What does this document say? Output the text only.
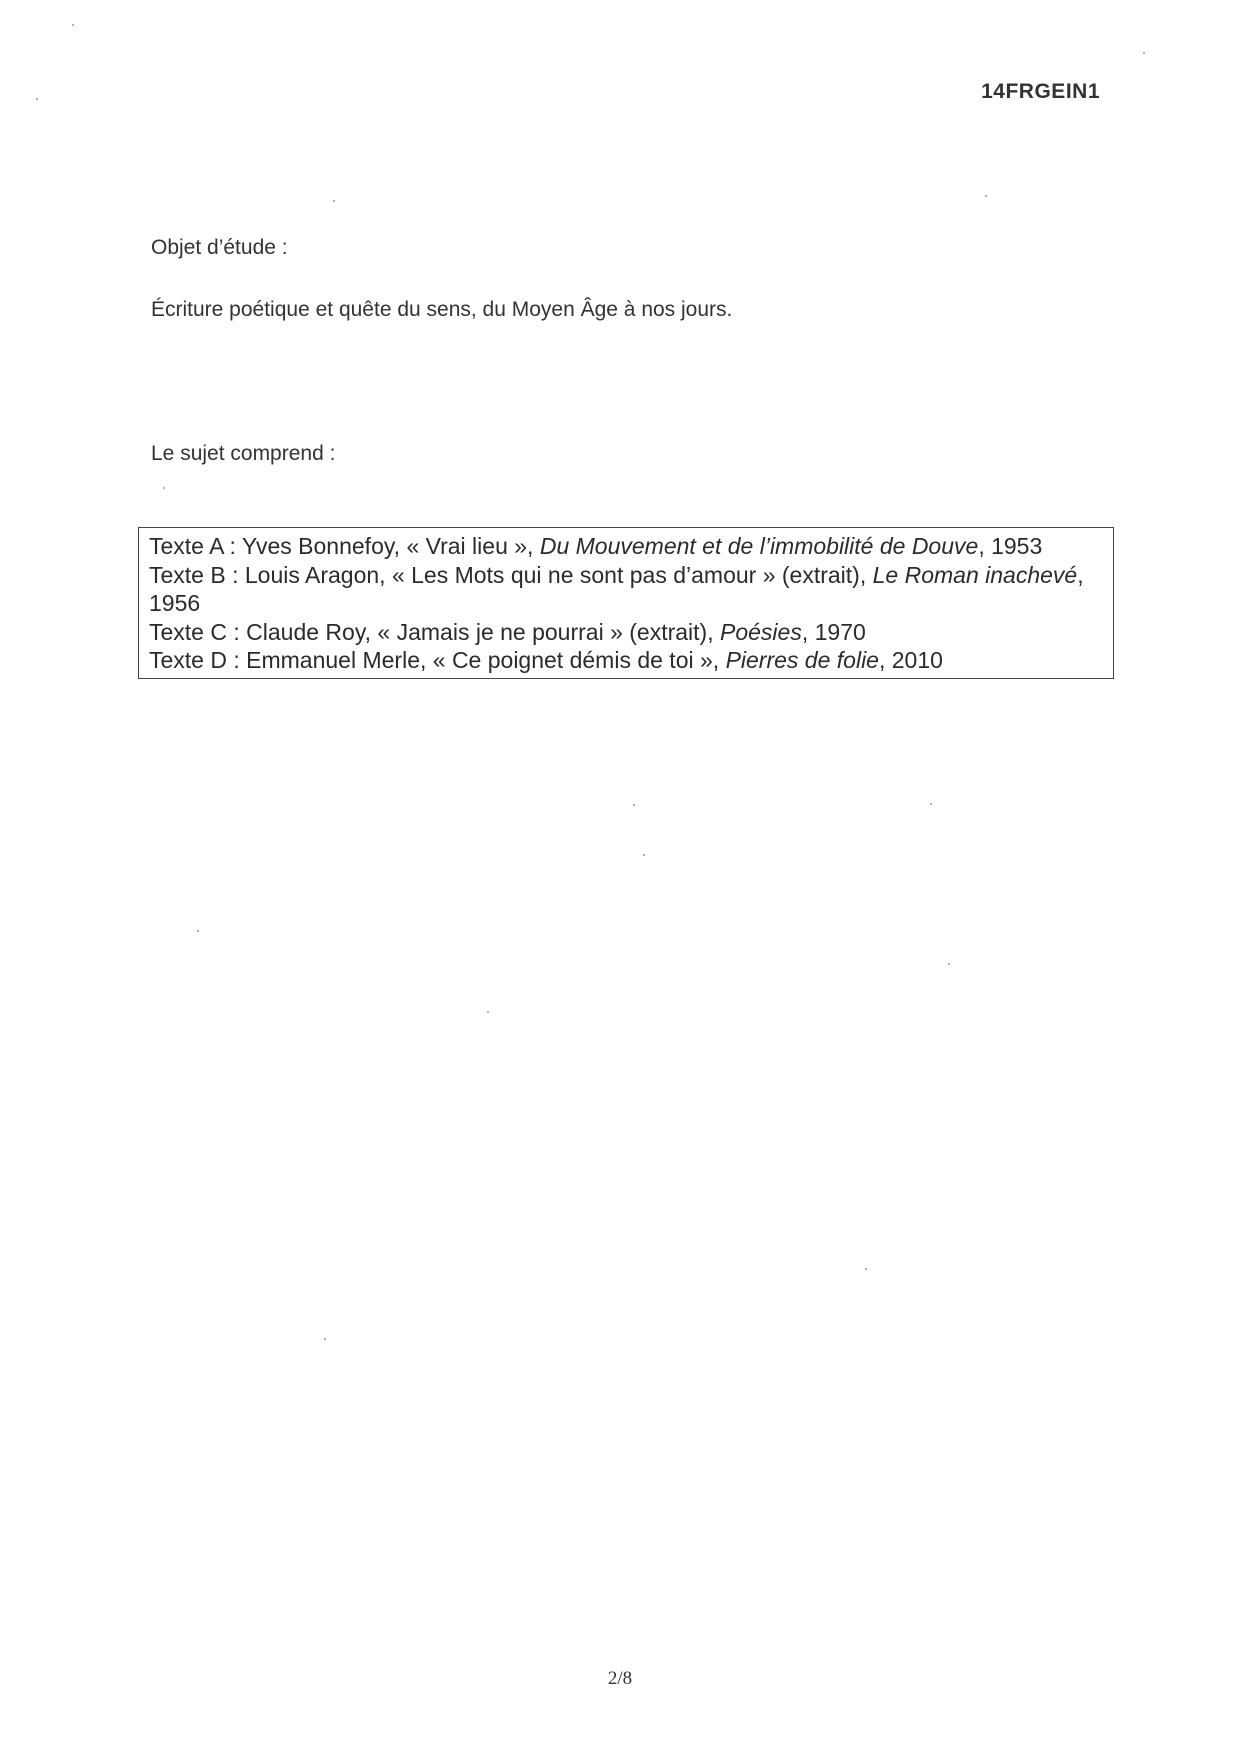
14FRGEIN1
Objet d’étude :
Écriture poétique et quête du sens, du Moyen Âge à nos jours.
Le sujet comprend :
Texte A : Yves Bonnefoy, « Vrai lieu », Du Mouvement et de l’immobilité de Douve, 1953
Texte B : Louis Aragon, « Les Mots qui ne sont pas d’amour » (extrait), Le Roman inachevé, 1956
Texte C : Claude Roy, « Jamais je ne pourrai » (extrait), Poésies, 1970
Texte D : Emmanuel Merle, « Ce poignet démis de toi », Pierres de folie, 2010
2/8
